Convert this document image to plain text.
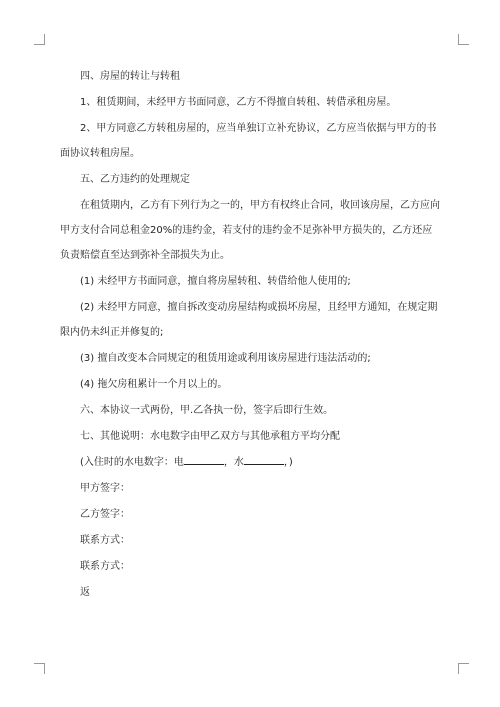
四、房屋的转让与转租

1、租赁期间，未经甲方书面同意，乙方不得擅自转租、转借承租房屋。

2、甲方同意乙方转租房屋的，应当单独订立补充协议，乙方应当依据与甲方的书面协议转租房屋。

五、乙方违约的处理规定

在租赁期内，乙方有下列行为之一的，甲方有权终止合同，收回该房屋，乙方应向甲方支付合同总租金20%的违约金，若支付的违约金不足弥补甲方损失的，乙方还应负责赔偿直至达到弥补全部损失为止。

(1) 未经甲方书面同意，擅自将房屋转租、转借给他人使用的;

(2) 未经甲方同意，擅自拆改变动房屋结构或损坏房屋，且经甲方通知，在规定期限内仍未纠正并修复的;

(3) 擅自改变本合同规定的租赁用途或利用该房屋进行违法活动的;

(4) 拖欠房租累计一个月以上的。

六、本协议一式两份，甲.乙各执一份，签字后即行生效。

七、其他说明：水电数字由甲乙双方与其他承租方平均分配

(入住时的水电数字：电	，水	，)

甲方签字：

乙方签字：

联系方式：

联系方式：

返
